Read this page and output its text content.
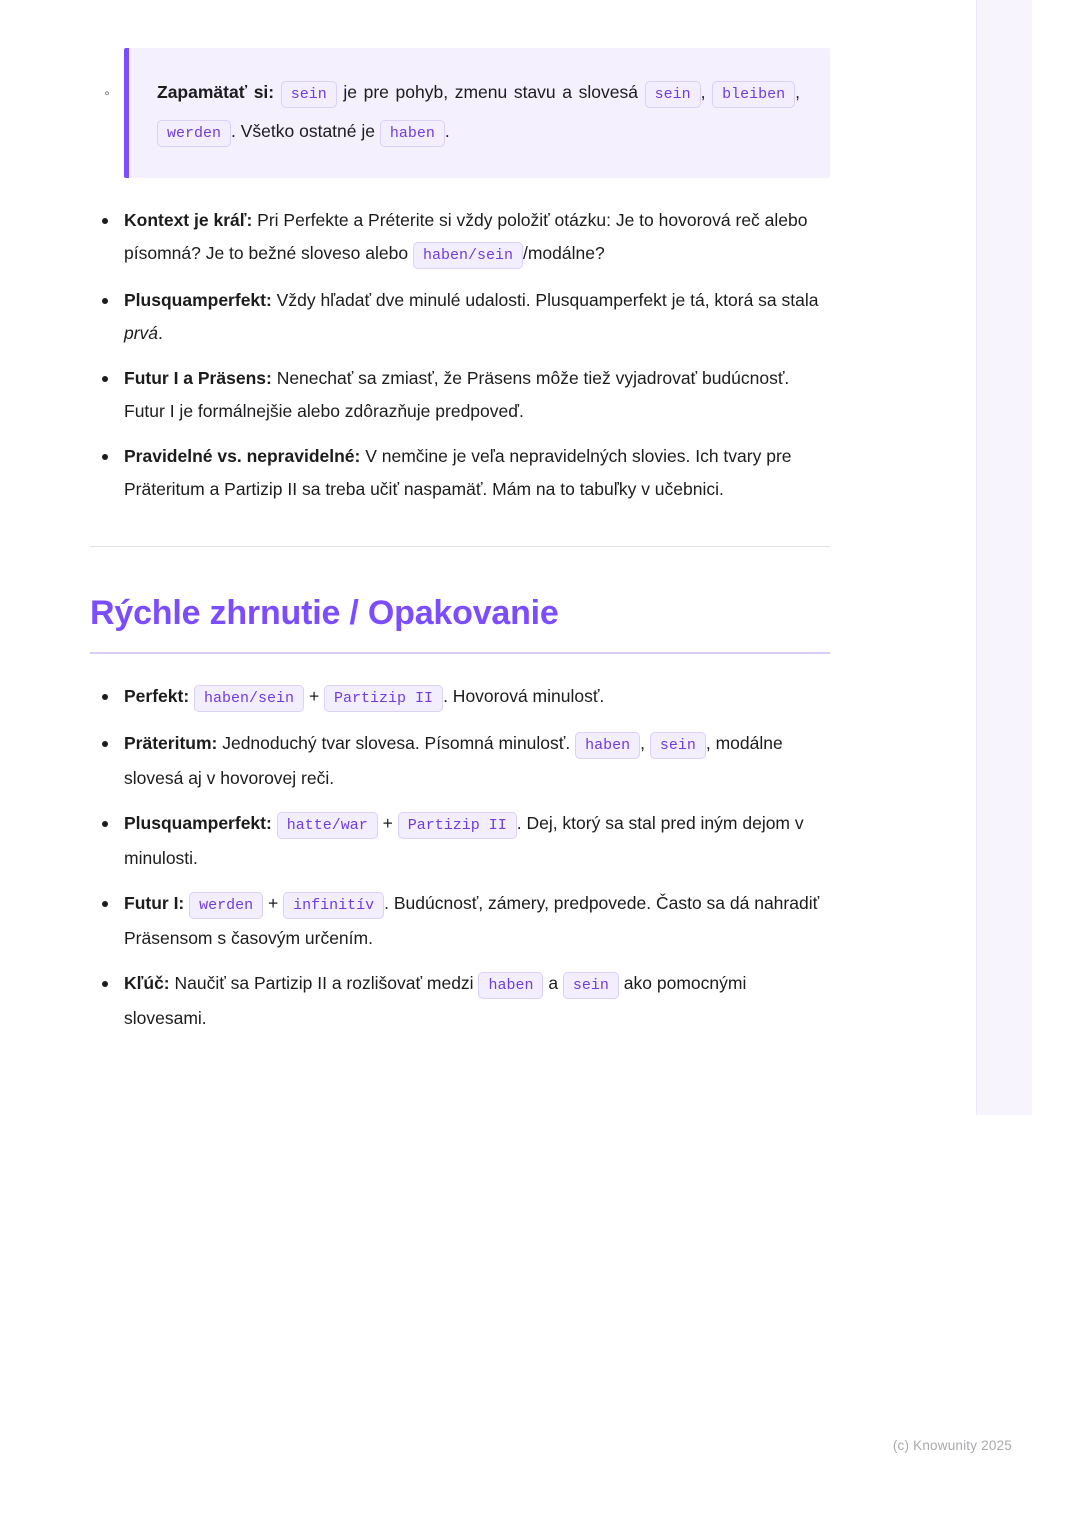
◦	Zapamätať si: sein je pre pohyb, zmenu stavu a slovesá sein , bleiben , werden . Všetko ostatné je haben .

Kontext je kráľ: Pri Perfekte a Préterite si vždy položiť otázku: Je to hovorová reč alebo písomná? Je to bežné sloveso alebo haben/sein /modálne?
Plusquamperfekt: Vždy hľadať dve minulé udalosti. Plusquamperfekt je tá, ktorá sa stala prvá.
Futur I a Präsens: Nenechať sa zmiasť, že Präsens môže tiež vyjadrovať budúcnosť. Futur I je formálnejšie alebo zdôrazňuje predpoveď.
Pravidelné vs. nepravidelné: V nemčine je veľa nepravidelných slovies. Ich tvary pre Präteritum a Partizip II sa treba učiť naspamäť. Mám na to tabuľky v učebnici.
Rýchle zhrnutie / Opakovanie
Perfekt: haben/sein + Partizip II . Hovorová minulosť.
Präteritum: Jednoduchý tvar slovesa. Písomná minulosť. haben , sein , modálne slovesá aj v hovorovej reči.
Plusquamperfekt: hatte/war + Partizip II . Dej, ktorý sa stal pred iným dejom v minulosti.
Futur I: werden + infinitív . Budúcnosť, zámery, predpovede. Často sa dá nahradiť Präsensom s časovým určením.
Kľúč: Naučiť sa Partizip II a rozlišovať medzi haben a sein ako pomocnými slovesami.
(c) Knowunity 2025
